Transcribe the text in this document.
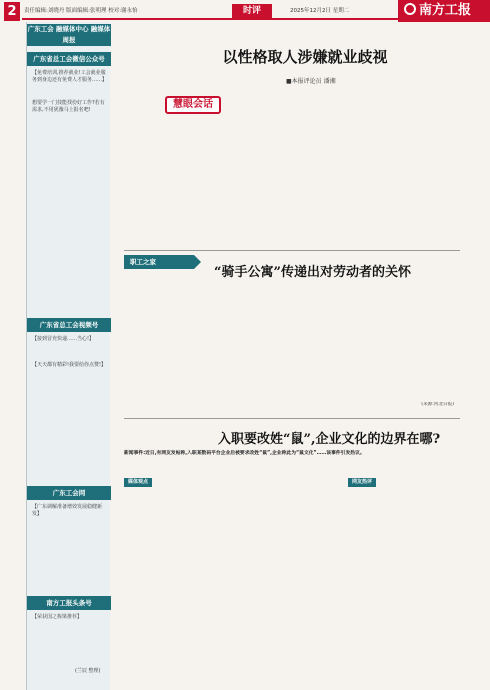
2	责任编辑:刘晓丹 版面编辑:张明理 校对:谢永怡	时评	2025年12月2日 星期二	南方工报
广东工会 融媒体中心 融媒体周报
广东省总工会微信公众号
【免费培训,推荐就业!工会就业服务到身边还有免费人才服务……】
想要学一门技能找份好工作?若有需求,不用犹豫马上报名吧!
广东省总工会视频号
【接到冒充快递……当心!】
【天天都有精彩!我要给你点赞!】
广东工会网
【广东调解准备增效发展稳健新发】
南方工报头条号
【荣获国之栋梁推荐】
(兰辰 整理)
以性格取人涉嫌就业歧视
■本报评论员 潘湘
慧眼会话
职工之家
“骑手公寓”传递出对劳动者的关怀
(来源:河北日报)
入职要改姓“鼠”,企业文化的边界在哪?
新闻事件:近日,有网友发帖称,入职某数码平台企业后被要求改姓“鼠”,企业称此为“鼠文化”……该事件引发热议。
媒体观点	网友热评
